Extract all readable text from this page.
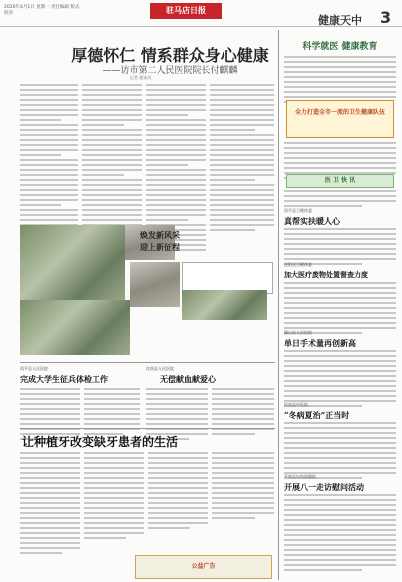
2020年4月1日 星期一 责任编辑 版式 校对	驻马店日报
健康天中 3
厚德怀仁 情系群众身心健康
——访市第二人民医院院长付麒麟
记者 通讯员
焕发新风采
迎上新征程
西平县人民医院
完成大学生征兵体检工作
汝南县人民医院
无偿献血献爱心
让种植牙改变缺牙患者的生活
公益广告
科学就医 健康教育
全力打造全市一流的卫生健康队伍
医 卫 快 讯
西平县卫健体委
真帮实扶暖人心
泌阳县卫健体委
加大医疗废物处置督查力度
确山县人民医院
单日手术量再创新高
汝南县中医院
“冬病夏治”正当时
平舆县妇幼保健院
开展八一走访慰问活动
